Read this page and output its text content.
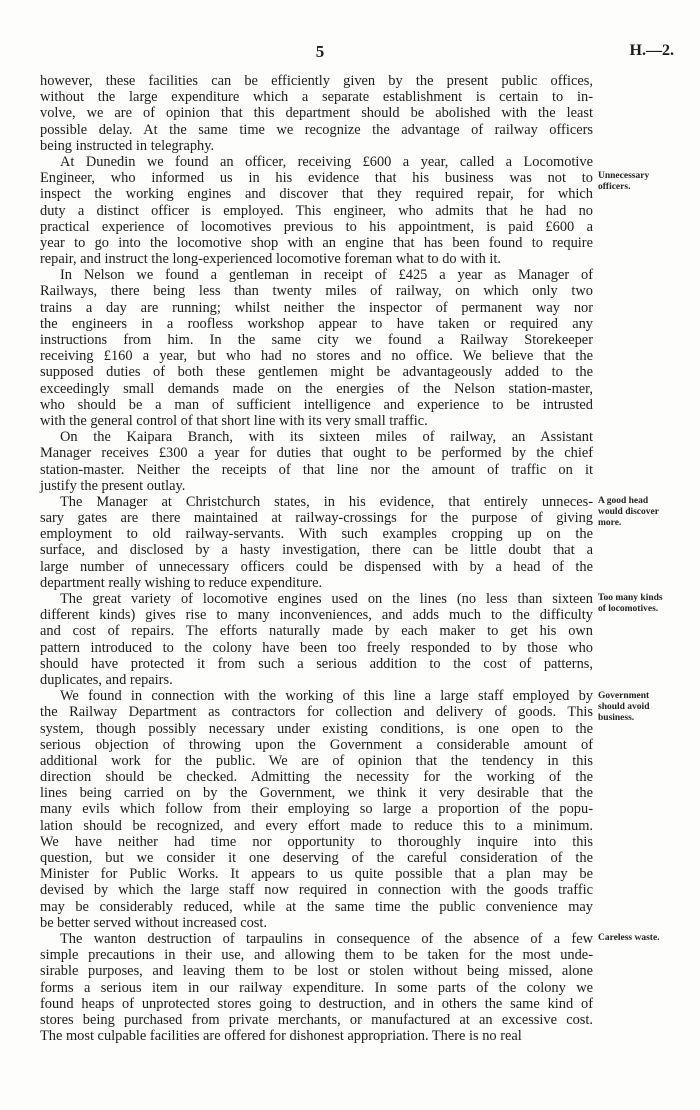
5	H.—2.
however, these facilities can be efficiently given by the present public offices,
without the large expenditure which a separate establishment is certain to in-
volve, we are of opinion that this department should be abolished with the least
possible delay. At the same time we recognize the advantage of railway officers
being instructed in telegraphy.
At Dunedin we found an officer, receiving £600 a year, called a Locomotive
Engineer, who informed us in his evidence that his business was not to
inspect the working engines and discover that they required repair, for which
duty a distinct officer is employed. This engineer, who admits that he had no
practical experience of locomotives previous to his appointment, is paid £600 a
year to go into the locomotive shop with an engine that has been found to require
repair, and instruct the long-experienced locomotive foreman what to do with it.
In Nelson we found a gentleman in receipt of £425 a year as Manager of
Railways, there being less than twenty miles of railway, on which only two
trains a day are running; whilst neither the inspector of permanent way nor
the engineers in a roofless workshop appear to have taken or required any
instructions from him. In the same city we found a Railway Storekeeper
receiving £160 a year, but who had no stores and no office. We believe that the
supposed duties of both these gentlemen might be advantageously added to the
exceedingly small demands made on the energies of the Nelson station-master,
who should be a man of sufficient intelligence and experience to be intrusted
with the general control of that short line with its very small traffic.
On the Kaipara Branch, with its sixteen miles of railway, an Assistant
Manager receives £300 a year for duties that ought to be performed by the chief
station-master. Neither the receipts of that line nor the amount of traffic on it
justify the present outlay.
The Manager at Christchurch states, in his evidence, that entirely unneces-
sary gates are there maintained at railway-crossings for the purpose of giving
employment to old railway-servants. With such examples cropping up on the
surface, and disclosed by a hasty investigation, there can be little doubt that a
large number of unnecessary officers could be dispensed with by a head of the
department really wishing to reduce expenditure.
The great variety of locomotive engines used on the lines (no less than sixteen
different kinds) gives rise to many inconveniences, and adds much to the difficulty
and cost of repairs. The efforts naturally made by each maker to get his own
pattern introduced to the colony have been too freely responded to by those who
should have protected it from such a serious addition to the cost of patterns,
duplicates, and repairs.
We found in connection with the working of this line a large staff employed by
the Railway Department as contractors for collection and delivery of goods. This
system, though possibly necessary under existing conditions, is one open to the
serious objection of throwing upon the Government a considerable amount of
additional work for the public. We are of opinion that the tendency in this
direction should be checked. Admitting the necessity for the working of the
lines being carried on by the Government, we think it very desirable that the
many evils which follow from their employing so large a proportion of the popu-
lation should be recognized, and every effort made to reduce this to a minimum.
We have neither had time nor opportunity to thoroughly inquire into this
question, but we consider it one deserving of the careful consideration of the
Minister for Public Works. It appears to us quite possible that a plan may be
devised by which the large staff now required in connection with the goods traffic
may be considerably reduced, while at the same time the public convenience may
be better served without increased cost.
The wanton destruction of tarpaulins in consequence of the absence of a few
simple precautions in their use, and allowing them to be taken for the most unde-
sirable purposes, and leaving them to be lost or stolen without being missed, alone
forms a serious item in our railway expenditure. In some parts of the colony we
found heaps of unprotected stores going to destruction, and in others the same kind of
stores being purchased from private merchants, or manufactured at an excessive cost.
The most culpable facilities are offered for dishonest appropriation. There is no real
Unnecessary
officers.
A good head
would discover
more.
Too many kinds
of locomotives.
Government
should avoid
business.
Careless waste.
